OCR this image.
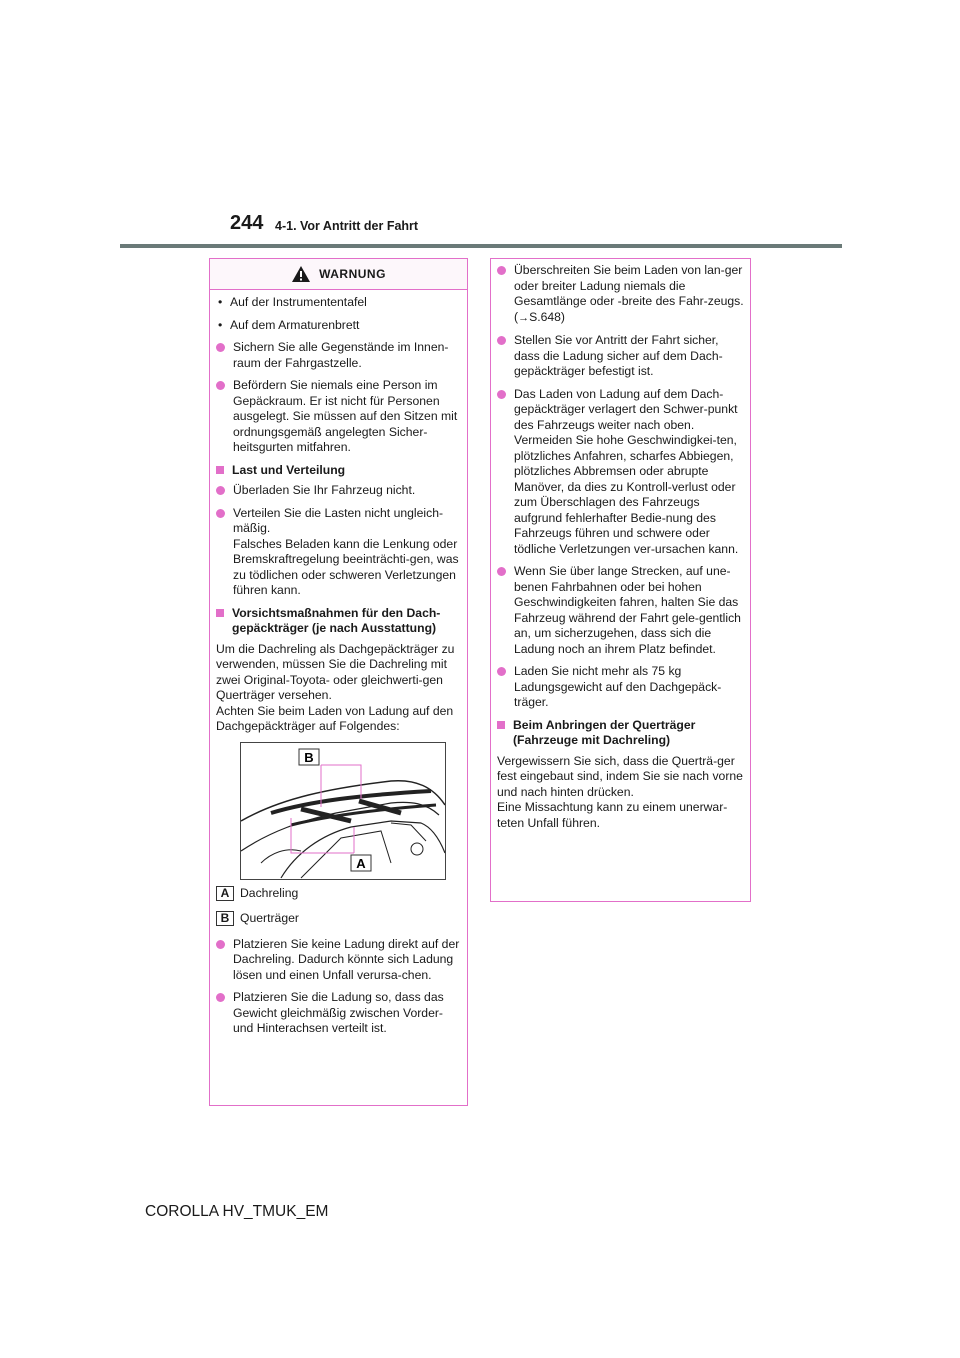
244 4-1. Vor Antritt der Fahrt
WARNUNG
• Auf der Instrumententafel
• Auf dem Armaturenbrett
Sichern Sie alle Gegenstände im Innen-raum der Fahrgastzelle.
Befördern Sie niemals eine Person im Gepäckraum. Er ist nicht für Personen ausgelegt. Sie müssen auf den Sitzen mit ordnungsgemäß angelegten Sicher-heitsgurten mitfahren.
Last und Verteilung
Überladen Sie Ihr Fahrzeug nicht.
Verteilen Sie die Lasten nicht ungleich-mäßig.
Falsches Beladen kann die Lenkung oder Bremskraftregelung beeinträchti-gen, was zu tödlichen oder schweren Verletzungen führen kann.
Vorsichtsmaßnahmen für den Dach-gepäckträger (je nach Ausstattung)
Um die Dachreling als Dachgepäckträger zu verwenden, müssen Sie die Dachreling mit zwei Original-Toyota- oder gleichwerti-gen Querträger versehen.
Achten Sie beim Laden von Ladung auf den Dachgepäckträger auf Folgendes:
B
A
A Dachreling
B Querträger
Platzieren Sie keine Ladung direkt auf der Dachreling. Dadurch könnte sich Ladung lösen und einen Unfall verursa-chen.
Platzieren Sie die Ladung so, dass das Gewicht gleichmäßig zwischen Vorder- und Hinterachsen verteilt ist.
Überschreiten Sie beim Laden von lan-ger oder breiter Ladung niemals die Gesamtlänge oder -breite des Fahr-zeugs. (→S.648)
Stellen Sie vor Antritt der Fahrt sicher, dass die Ladung sicher auf dem Dach-gepäckträger befestigt ist.
Das Laden von Ladung auf dem Dach-gepäckträger verlagert den Schwer-punkt des Fahrzeugs weiter nach oben. Vermeiden Sie hohe Geschwindigkei-ten, plötzliches Anfahren, scharfes Abbiegen, plötzliches Abbremsen oder abrupte Manöver, da dies zu Kontroll-verlust oder zum Überschlagen des Fahrzeugs aufgrund fehlerhafter Bedie-nung des Fahrzeugs führen und schwere oder tödliche Verletzungen ver-ursachen kann.
Wenn Sie über lange Strecken, auf une-benen Fahrbahnen oder bei hohen Geschwindigkeiten fahren, halten Sie das Fahrzeug während der Fahrt gele-gentlich an, um sicherzugehen, dass sich die Ladung noch an ihrem Platz befindet.
Laden Sie nicht mehr als 75 kg Ladungsgewicht auf den Dachgepäck-träger.
Beim Anbringen der Querträger (Fahrzeuge mit Dachreling)
Vergewissern Sie sich, dass die Querträ-ger fest eingebaut sind, indem Sie sie nach vorne und nach hinten drücken.
Eine Missachtung kann zu einem unerwar-teten Unfall führen.
COROLLA HV_TMUK_EM
